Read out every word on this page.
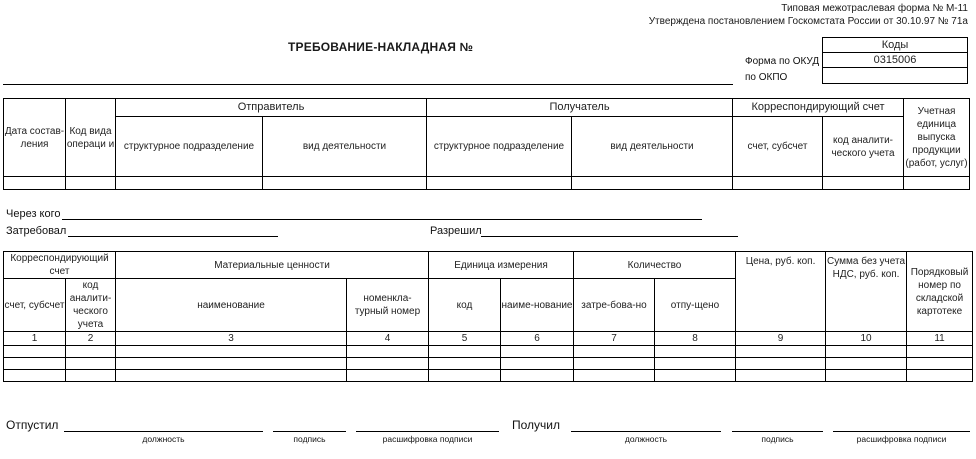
Типовая межотраслевая форма № М-11
Утверждена постановлением Госкомстата России от 30.10.97 № 71а
ТРЕБОВАНИЕ-НАКЛАДНАЯ №
Форма по ОКУД
по ОКПО
Коды
0315006

Дата состав-ления	Код вида операци и	Отправитель		Получатель		Корреспондирующий счет		Учетная единица выпуска продукции (работ, услуг)
		структурное подразделение	вид деятельности	структурное подразделение	вид деятельности	счет, субсчет	код аналити-ческого учета	

Через кого
Затребовал	Разрешил
Корреспондирующий счет		Материальные ценности		Единица измерения		Количество		Цена, руб. коп.	Сумма без учета НДС, руб. коп.	Порядковый номер по складской картотеке
счет, субсчет	код аналити-ческого учета	наименование	номенкла-турный номер	код	наиме-нование	затре-бова-но	отпу-щено			
1	2	3	4	5	6	7	8	9	10	11

Отпустил
должность	подпись	расшифровка подписи
Получил
должность	подпись	расшифровка подписи
